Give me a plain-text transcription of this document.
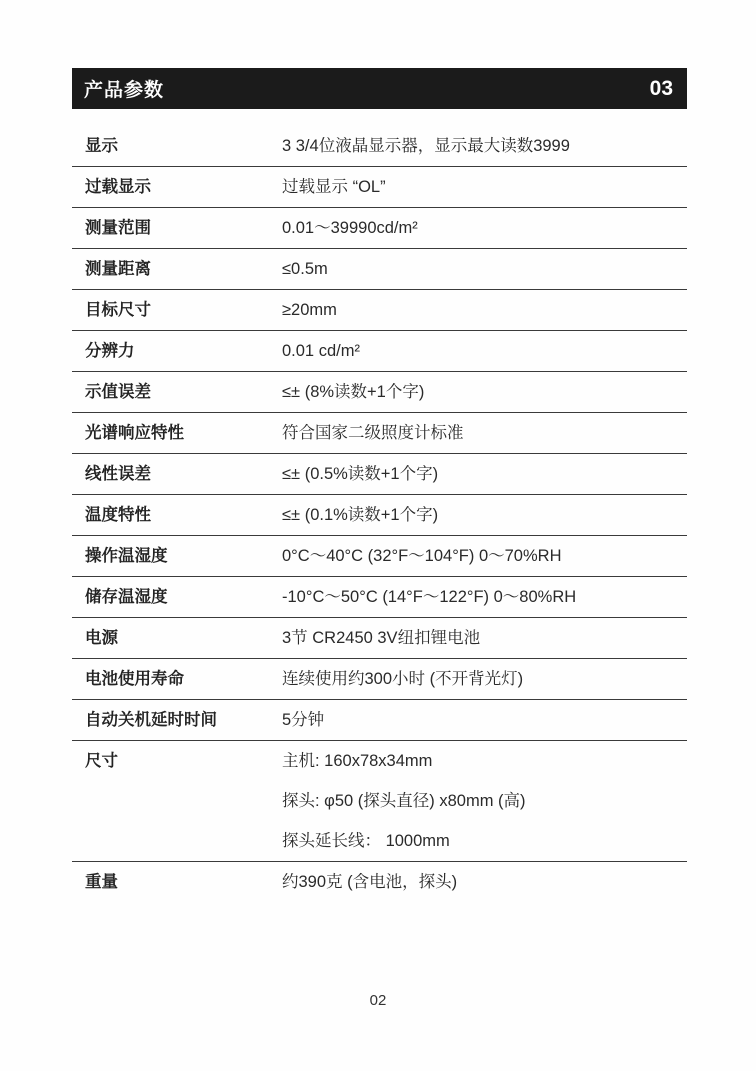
产品参数	03
显示	3 3/4位液晶显示器，显示最大读数3999
过载显示	过载显示 “OL”
测量范围	0.01～39990cd/m²
测量距离	≤0.5m
目标尺寸	≥20mm
分辨力	0.01 cd/m²
示值误差	≤± (8%读数+1个字)
光谱响应特性	符合国家二级照度计标准
线性误差	≤± (0.5%读数+1个字)
温度特性	≤± (0.1%读数+1个字)
操作温湿度	0°C～40°C (32°F～104°F) 0～70%RH
储存温湿度	-10°C～50°C (14°F～122°F) 0～80%RH
电源	3节 CR2450 3V纽扣锂电池
电池使用寿命	连续使用约300小时 (不开背光灯)
自动关机延时时间	5分钟
尺寸	主机: 160x78x34mm
探头: φ50 (探头直径) x80mm (高)
探头延长线： 1000mm
重量	约390克 (含电池，探头)
02
